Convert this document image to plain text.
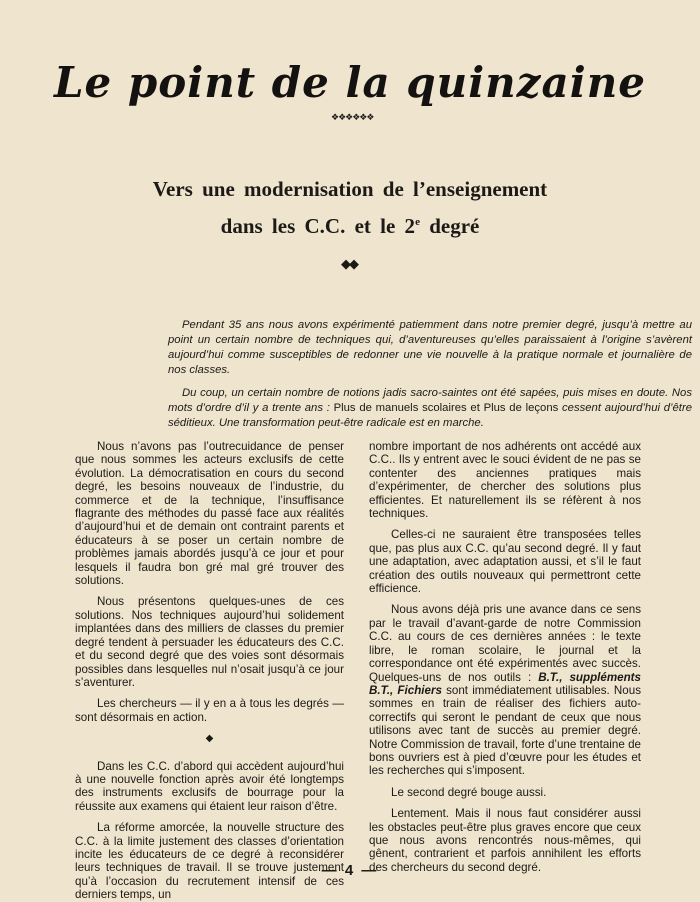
Le point de la quinzaine
❖❖❖❖❖❖
Vers une modernisation de l’enseignement
dans les C.C. et le 2e degré
◆◆

Pendant 35 ans nous avons expérimenté patiemment dans notre premier degré, jusqu’à mettre au point un certain nombre de techniques qui, d’aventureuses qu’elles paraissaient à l’origine s’avèrent aujourd’hui comme susceptibles de redonner une vie nouvelle à la pratique normale et journalière de nos classes.

Du coup, un certain nombre de notions jadis sacro-saintes ont été sapées, puis mises en doute. Nos mots d’ordre d’il y a trente ans : Plus de manuels scolaires et Plus de leçons cessent aujourd’hui d’être séditieux. Une transformation peut-être radicale est en marche.

Nous n’avons pas l’outrecuidance de penser que nous sommes les acteurs exclusifs de cette évolution. La démocratisation en cours du second degré, les besoins nouveaux de l’industrie, du commerce et de la technique, l’insuffisance flagrante des méthodes du passé face aux réalités d’aujourd’hui et de demain ont contraint parents et éducateurs à se poser un certain nombre de problèmes jamais abordés jusqu’à ce jour et pour lesquels il faudra bon gré mal gré trouver des solutions.

Nous présentons quelques-unes de ces solutions. Nos techniques aujourd’hui solidement implantées dans des milliers de classes du premier degré tendent à persuader les éducateurs des C.C. et du second degré que des voies sont désormais possibles dans lesquelles nul n’osait jusqu’à ce jour s’aventurer.

Les chercheurs — il y en a à tous les degrés — sont désormais en action.

◆

Dans les C.C. d’abord qui accèdent aujourd’hui à une nouvelle fonction après avoir été longtemps des instruments exclusifs de bourrage pour la réussite aux examens qui étaient leur raison d’être.

La réforme amorcée, la nouvelle structure des C.C. à la limite justement des classes d’orientation incite les éducateurs de ce degré à reconsidérer leurs techniques de travail. Il se trouve justement qu’à l’occasion du recrutement intensif de ces derniers temps, un

nombre important de nos adhérents ont accédé aux C.C.. Ils y entrent avec le souci évident de ne pas se contenter des anciennes pratiques mais d’expérimenter, de chercher des solutions plus efficientes. Et naturellement ils se réfèrent à nos techniques.

Celles-ci ne sauraient être transposées telles que, pas plus aux C.C. qu’au second degré. Il y faut une adaptation, avec adaptation aussi, et s’il le faut création des outils nouveaux qui permettront cette efficience.

Nous avons déjà pris une avance dans ce sens par le travail d’avant-garde de notre Commission C.C. au cours de ces dernières années : le texte libre, le roman scolaire, le journal et la correspondance ont été expérimentés avec succès. Quelques-uns de nos outils : B.T., suppléments B.T., Fichiers sont immédiatement utilisables. Nous sommes en train de réaliser des fichiers auto-correctifs qui seront le pendant de ceux que nous utilisons avec tant de succès au premier degré. Notre Commission de travail, forte d’une trentaine de bons ouvriers est à pied d’œuvre pour les études et les recherches qui s’imposent.

Le second degré bouge aussi.

Lentement. Mais il nous faut considérer aussi les obstacles peut-être plus graves encore que ceux que nous avons rencontrés nous-mêmes, qui gênent, contrarient et parfois annihilent les efforts des chercheurs du second degré.

— 4 —
